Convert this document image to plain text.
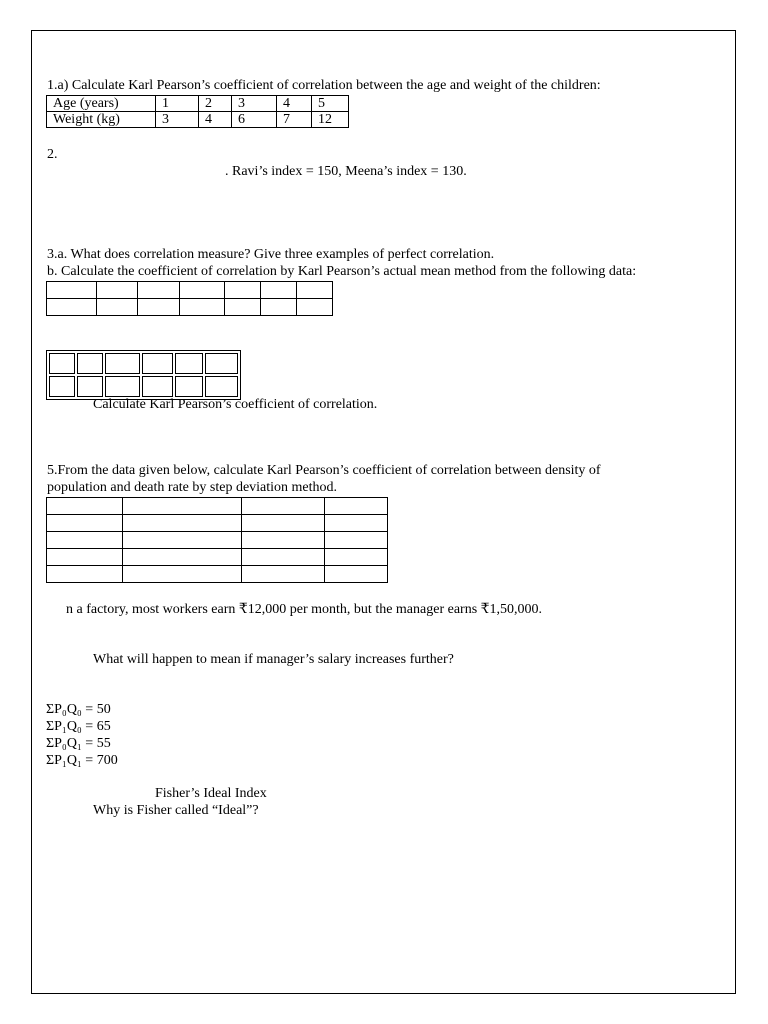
1.a) Calculate Karl Pearson’s coefficient of correlation between the age and weight of the children:
Age (years)	1	2	3	4	5
Weight (kg)	3	4	6	7	12
2.
. Ravi’s index = 150, Meena’s index = 130.
3.a. What does correlation measure? Give three examples of perfect correlation.
b. Calculate the coefficient of correlation by Karl Pearson’s actual mean method from the following data:

Calculate Karl Pearson’s coefficient of correlation.
5.From the data given below, calculate Karl Pearson’s coefficient of correlation between density of
population and death rate by step deviation method.

n a factory, most workers earn ₹12,000 per month, but the manager earns ₹1,50,000.
What will happen to mean if manager’s salary increases further?
ΣP₀Q₀ = 50
ΣP₁Q₀ = 65
ΣP₀Q₁ = 55
ΣP₁Q₁ = 700
Fisher’s Ideal Index
Why is Fisher called “Ideal”?
